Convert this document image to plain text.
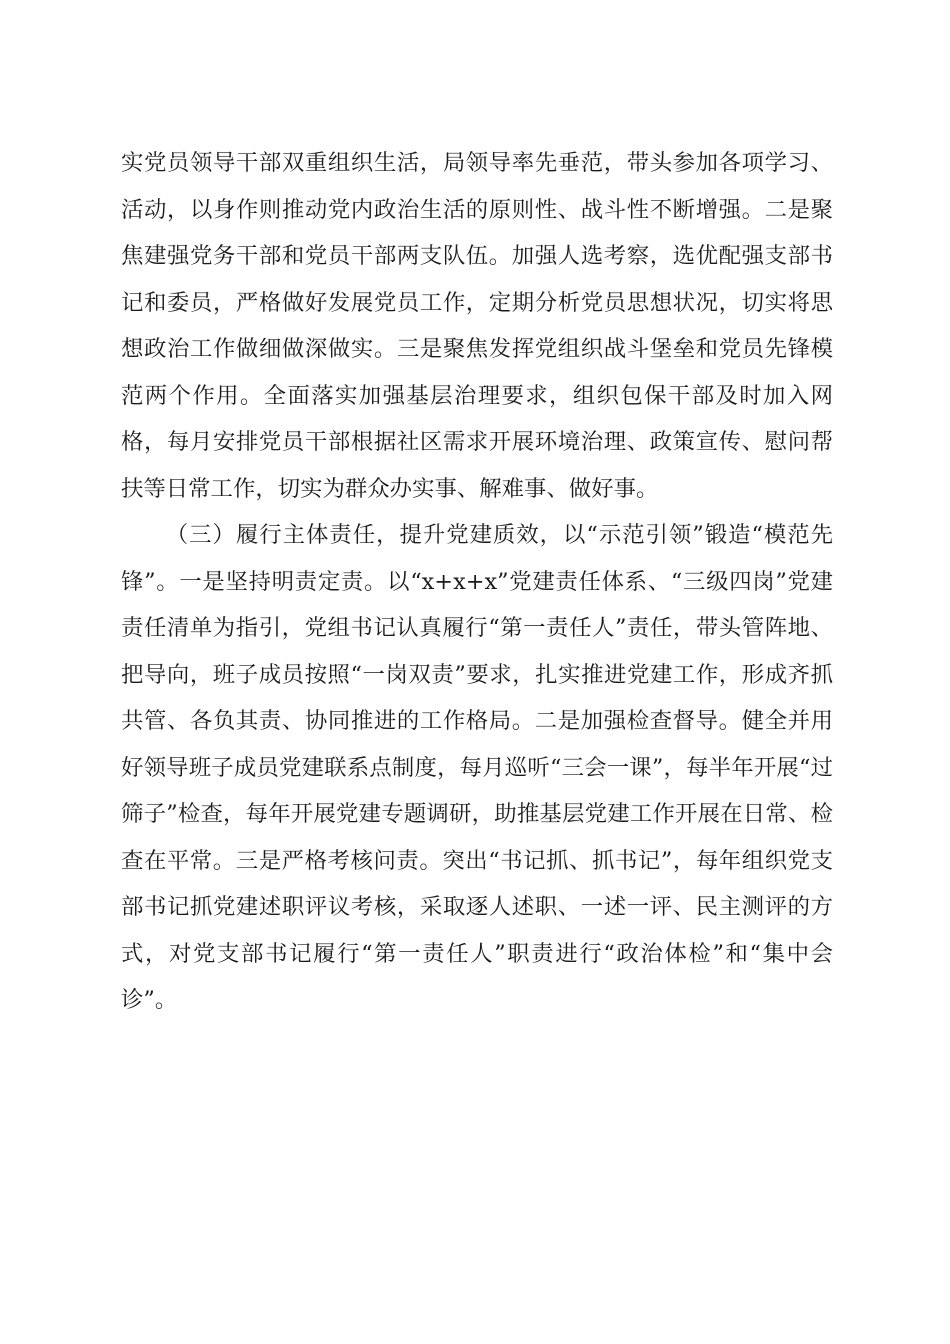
实党员领导干部双重组织生活，局领导率先垂范，带头参加各项学习、活动，以身作则推动党内政治生活的原则性、战斗性不断增强。二是聚焦建强党务干部和党员干部两支队伍。加强人选考察，选优配强支部书记和委员，严格做好发展党员工作，定期分析党员思想状况，切实将思想政治工作做细做深做实。三是聚焦发挥党组织战斗堡垒和党员先锋模范两个作用。全面落实加强基层治理要求，组织包保干部及时加入网格，每月安排党员干部根据社区需求开展环境治理、政策宣传、慰问帮扶等日常工作，切实为群众办实事、解难事、做好事。

（三）履行主体责任，提升党建质效，以“示范引领”锻造“模范先锋”。一是坚持明责定责。以“x+x+x”党建责任体系、“三级四岗”党建责任清单为指引，党组书记认真履行“第一责任人”责任，带头管阵地、把导向，班子成员按照“一岗双责”要求，扎实推进党建工作，形成齐抓共管、各负其责、协同推进的工作格局。二是加强检查督导。健全并用好领导班子成员党建联系点制度，每月巡听“三会一课”，每半年开展“过筛子”检查，每年开展党建专题调研，助推基层党建工作开展在日常、检查在平常。三是严格考核问责。突出“书记抓、抓书记”，每年组织党支部书记抓党建述职评议考核，采取逐人述职、一述一评、民主测评的方式，对党支部书记履行“第一责任人”职责进行“政治体检”和“集中会诊”。
